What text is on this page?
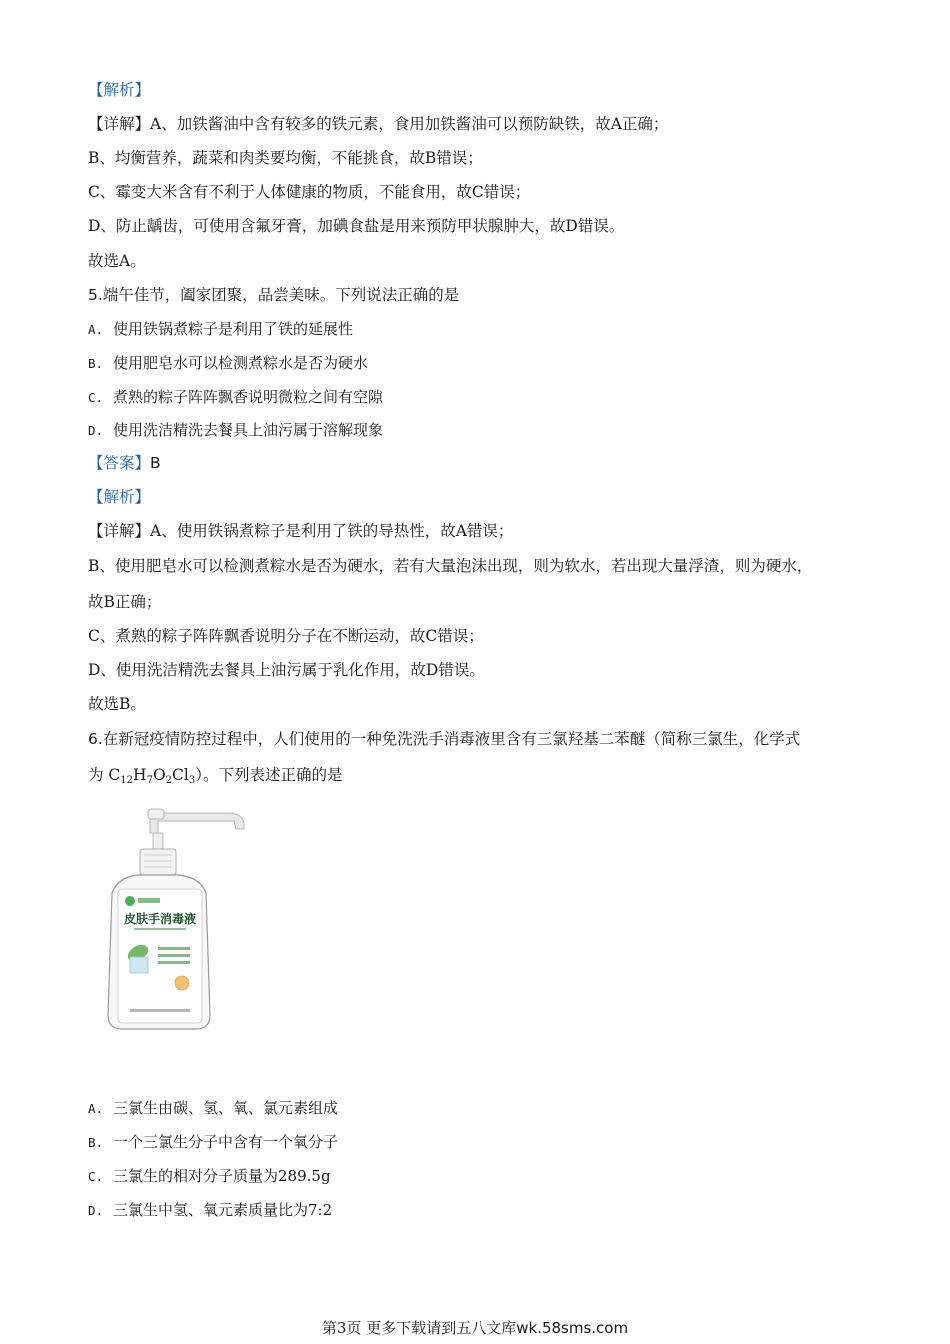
【解析】
【详解】A、加铁酱油中含有较多的铁元素，食用加铁酱油可以预防缺铁，故A正确；
B、均衡营养，蔬菜和肉类要均衡，不能挑食，故B错误；
C、霉变大米含有不利于人体健康的物质，不能食用，故C错误；
D、防止龋齿，可使用含氟牙膏，加碘食盐是用来预防甲状腺肿大，故D错误。
故选A。
5.端午佳节，阖家团聚，品尝美味。下列说法正确的是
A. 使用铁锅煮粽子是利用了铁的延展性
B. 使用肥皂水可以检测煮粽水是否为硬水
C. 煮熟的粽子阵阵飘香说明微粒之间有空隙
D. 使用洗洁精洗去餐具上油污属于溶解现象
【答案】B
【解析】
【详解】A、使用铁锅煮粽子是利用了铁的导热性，故A错误；
B、使用肥皂水可以检测煮粽水是否为硬水，若有大量泡沫出现，则为软水，若出现大量浮渣，则为硬水，
故B正确；
C、煮熟的粽子阵阵飘香说明分子在不断运动，故C错误；
D、使用洗洁精洗去餐具上油污属于乳化作用，故D错误。
故选B。
6.在新冠疫情防控过程中，人们使用的一种免洗洗手消毒液里含有三氯羟基二苯醚（简称三氯生，化学式
为 $C_{12}H_7O_2Cl_3$）。下列表述正确的是
皮肤手消毒液
A. 三氯生由碳、氢、氧、氯元素组成
B. 一个三氯生分子中含有一个氧分子
C. 三氯生的相对分子质量为289.5g
D. 三氯生中氢、氧元素质量比为7:2
第3页 更多下载请到五八文库wk.58sms.com
